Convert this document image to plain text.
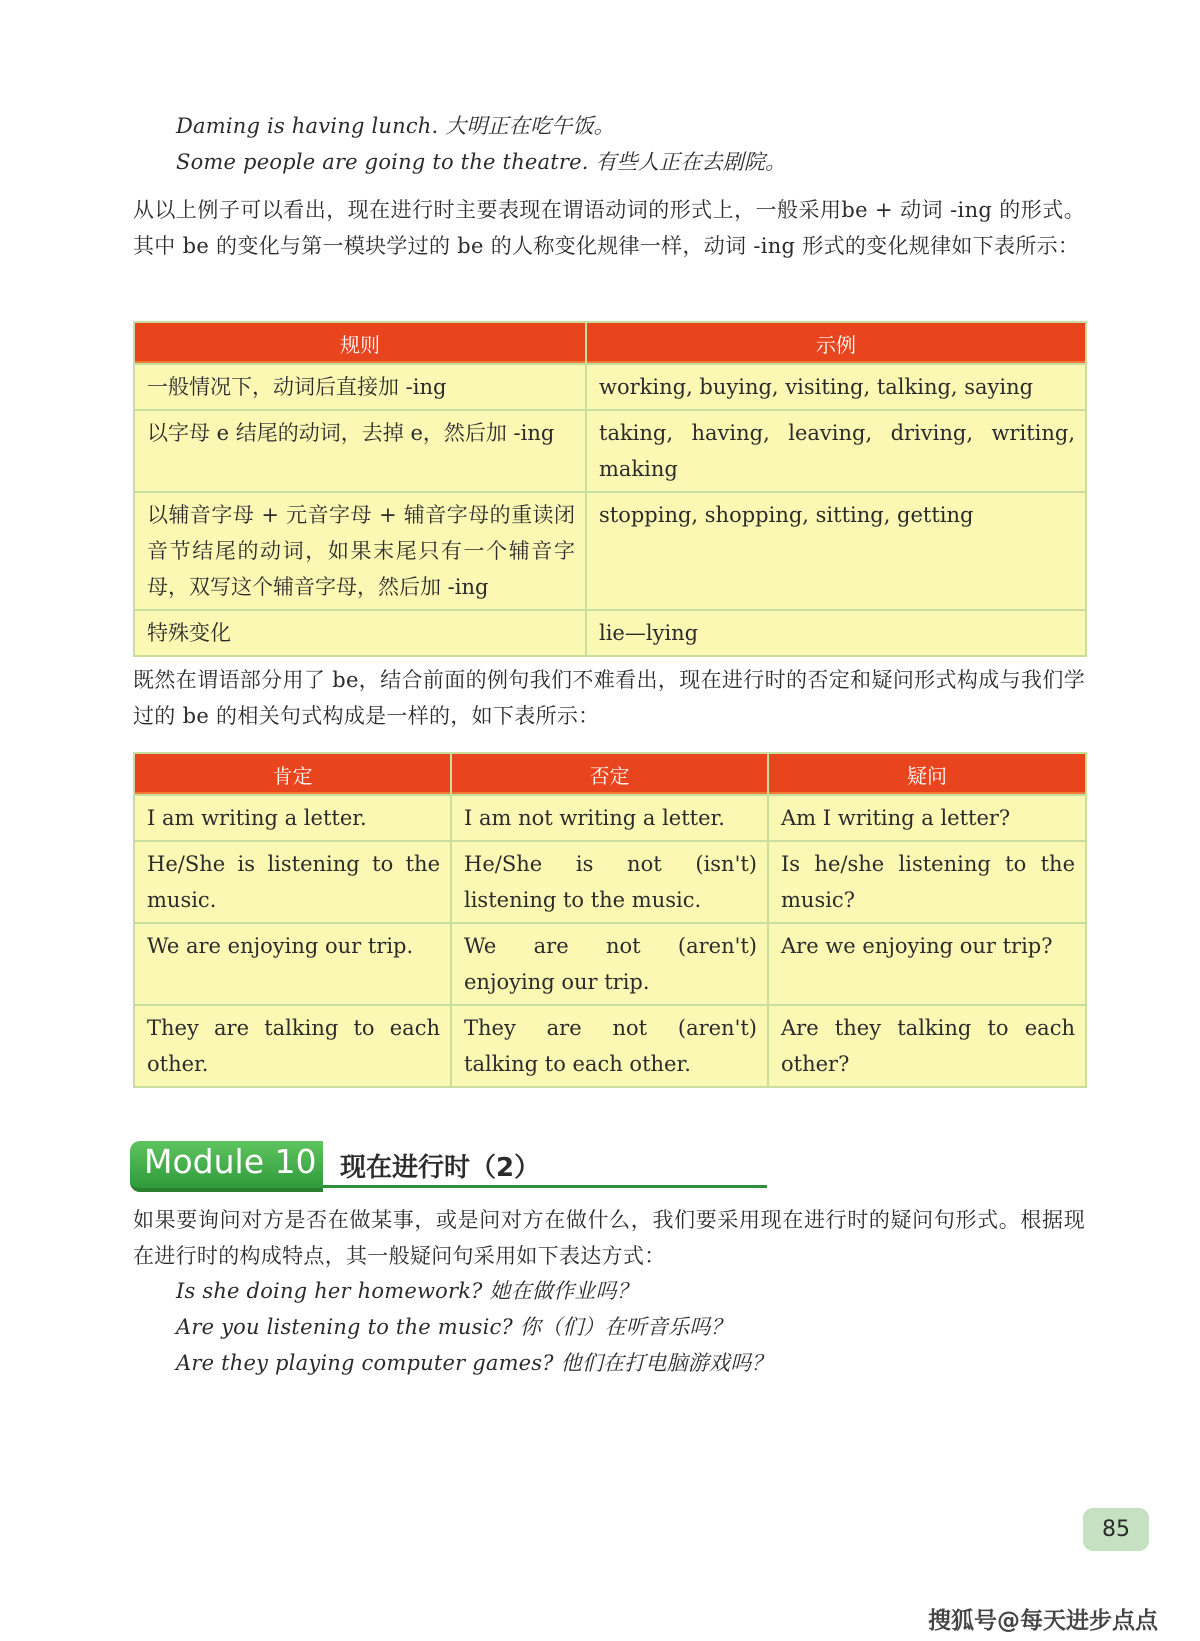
Daming is having lunch. 大明正在吃午饭。
Some people are going to the theatre. 有些人正在去剧院。
从以上例子可以看出，现在进行时主要表现在谓语动词的形式上，一般采用be + 动词 -ing 的形式。其中 be 的变化与第一模块学过的 be 的人称变化规律一样，动词 -ing 形式的变化规律如下表所示：
规则	示例
一般情况下，动词后直接加 -ing	working, buying, visiting, talking, saying
以字母 e 结尾的动词，去掉 e，然后加 -ing	taking, having, leaving, driving, writing, making
以辅音字母 + 元音字母 + 辅音字母的重读闭音节结尾的动词，如果末尾只有一个辅音字母，双写这个辅音字母，然后加 -ing	stopping, shopping, sitting, getting
特殊变化	lie—lying
既然在谓语部分用了 be，结合前面的例句我们不难看出，现在进行时的否定和疑问形式构成与我们学过的 be 的相关句式构成是一样的，如下表所示：
肯定	否定	疑问
I am writing a letter.	I am not writing a letter.	Am I writing a letter?
He/She is listening to the music.	He/She is not (isn't) listening to the music.	Is he/she listening to the music?
We are enjoying our trip.	We are not (aren't) enjoying our trip.	Are we enjoying our trip?
They are talking to each other.	They are not (aren't) talking to each other.	Are they talking to each other?
Module 10 现在进行时（2）
如果要询问对方是否在做某事，或是问对方在做什么，我们要采用现在进行时的疑问句形式。根据现在进行时的构成特点，其一般疑问句采用如下表达方式：
Is she doing her homework? 她在做作业吗？
Are you listening to the music? 你（们）在听音乐吗？
Are they playing computer games? 他们在打电脑游戏吗？
85
搜狐号@每天进步点点
